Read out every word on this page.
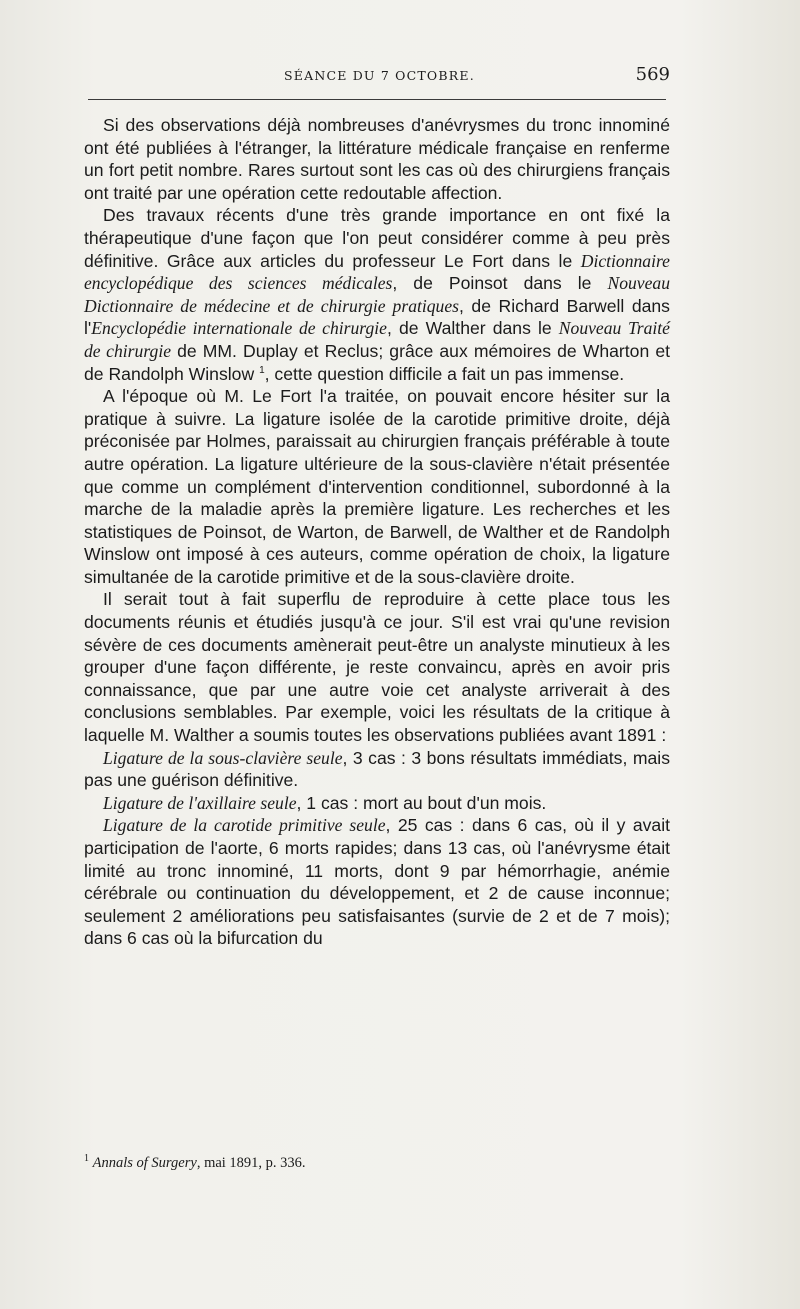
SÉANCE DU 7 OCTOBRE.	569

Si des observations déjà nombreuses d'anévrysmes du tronc innominé ont été publiées à l'étranger, la littérature médicale française en renferme un fort petit nombre. Rares surtout sont les cas où des chirurgiens français ont traité par une opération cette redoutable affection.

Des travaux récents d'une très grande importance en ont fixé la thérapeutique d'une façon que l'on peut considérer comme à peu près définitive. Grâce aux articles du professeur Le Fort dans le Dictionnaire encyclopédique des sciences médicales, de Poinsot dans le Nouveau Dictionnaire de médecine et de chirurgie pratiques, de Richard Barwell dans l'Encyclopédie internationale de chirurgie, de Walther dans le Nouveau Traité de chirurgie de MM. Duplay et Reclus; grâce aux mémoires de Wharton et de Randolph Winslow $^1$, cette question difficile a fait un pas immense.

A l'époque où M. Le Fort l'a traitée, on pouvait encore hésiter sur la pratique à suivre. La ligature isolée de la carotide primitive droite, déjà préconisée par Holmes, paraissait au chirurgien français préférable à toute autre opération. La ligature ultérieure de la sous-clavière n'était présentée que comme un complément d'intervention conditionnel, subordonné à la marche de la maladie après la première ligature. Les recherches et les statistiques de Poinsot, de Warton, de Barwell, de Walther et de Randolph Winslow ont imposé à ces auteurs, comme opération de choix, la ligature simultanée de la carotide primitive et de la sous-clavière droite.

Il serait tout à fait superflu de reproduire à cette place tous les documents réunis et étudiés jusqu'à ce jour. S'il est vrai qu'une revision sévère de ces documents amènerait peut-être un analyste minutieux à les grouper d'une façon différente, je reste convaincu, après en avoir pris connaissance, que par une autre voie cet analyste arriverait à des conclusions semblables. Par exemple, voici les résultats de la critique à laquelle M. Walther a soumis toutes les observations publiées avant 1891 :

Ligature de la sous-clavière seule, 3 cas : 3 bons résultats immédiats, mais pas une guérison définitive.

Ligature de l'axillaire seule, 1 cas : mort au bout d'un mois.

Ligature de la carotide primitive seule, 25 cas : dans 6 cas, où il y avait participation de l'aorte, 6 morts rapides; dans 13 cas, où l'anévrysme était limité au tronc innominé, 11 morts, dont 9 par hémorrhagie, anémie cérébrale ou continuation du développement, et 2 de cause inconnue; seulement 2 améliorations peu satisfaisantes (survie de 2 et de 7 mois); dans 6 cas où la bifurcation du

$^1$ Annals of Surgery, mai 1891, p. 336.
